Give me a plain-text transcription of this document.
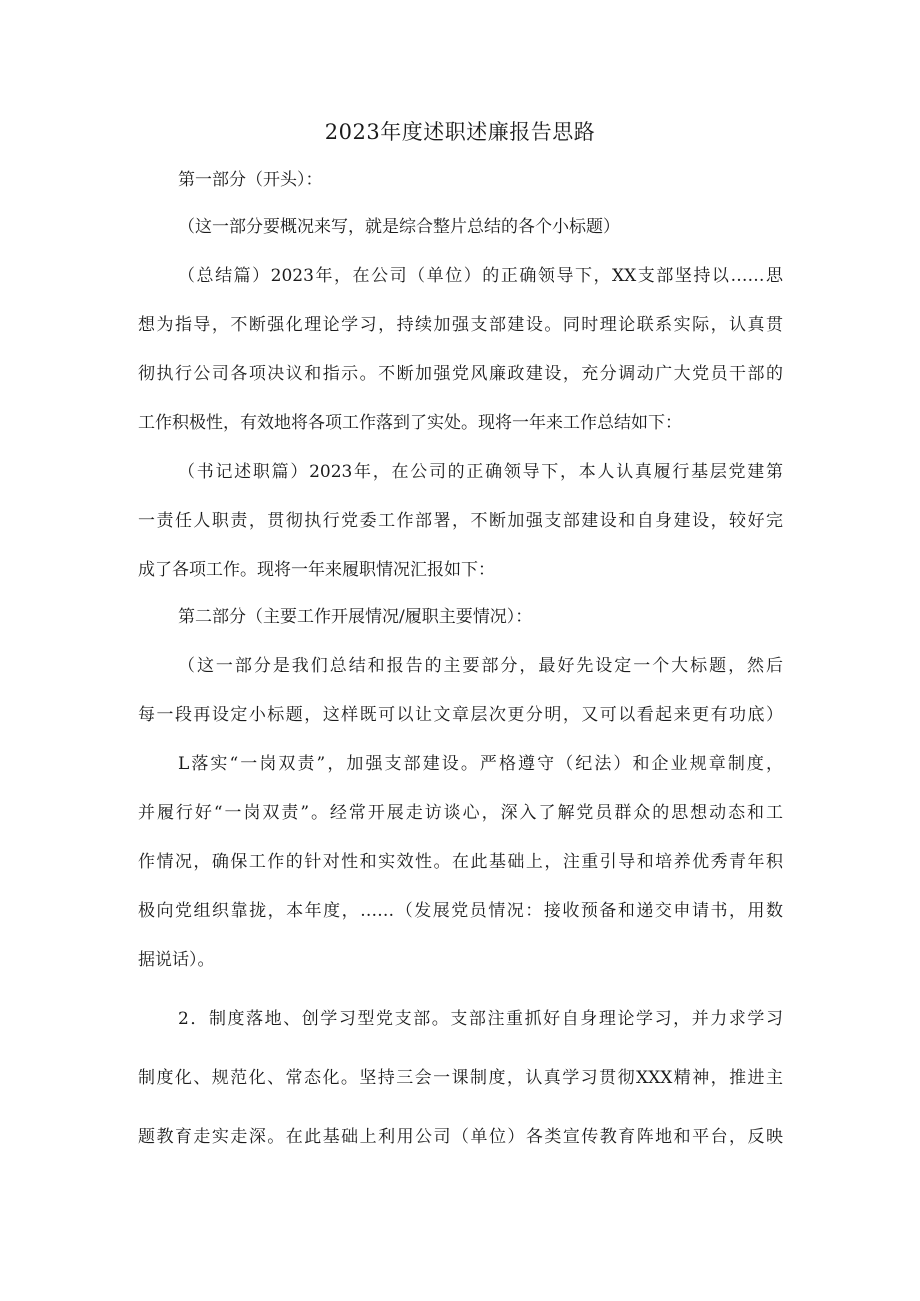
2023年度述职述廉报告思路
第一部分（开头）：
（这一部分要概况来写，就是综合整片总结的各个小标题）
（总结篇）2023年，在公司（单位）的正确领导下，XX支部坚持以……思
想为指导，不断强化理论学习，持续加强支部建设。同时理论联系实际，认真贯
彻执行公司各项决议和指示。不断加强党风廉政建设，充分调动广大党员干部的
工作积极性，有效地将各项工作落到了实处。现将一年来工作总结如下：
（书记述职篇）2023年，在公司的正确领导下，本人认真履行基层党建第
一责任人职责，贯彻执行党委工作部署，不断加强支部建设和自身建设，较好完
成了各项工作。现将一年来履职情况汇报如下：
第二部分（主要工作开展情况/履职主要情况）：
（这一部分是我们总结和报告的主要部分，最好先设定一个大标题，然后
每一段再设定小标题，这样既可以让文章层次更分明，又可以看起来更有功底）
L落实“一岗双责”，加强支部建设。严格遵守（纪法）和企业规章制度，
并履行好“一岗双责”。经常开展走访谈心，深入了解党员群众的思想动态和工
作情况，确保工作的针对性和实效性。在此基础上，注重引导和培养优秀青年积
极向党组织靠拢，本年度，……（发展党员情况：接收预备和递交申请书，用数
据说话）。
2．制度落地、创学习型党支部。支部注重抓好自身理论学习，并力求学习
制度化、规范化、常态化。坚持三会一课制度，认真学习贯彻XXX精神，推进主
题教育走实走深。在此基础上利用公司（单位）各类宣传教育阵地和平台，反映
